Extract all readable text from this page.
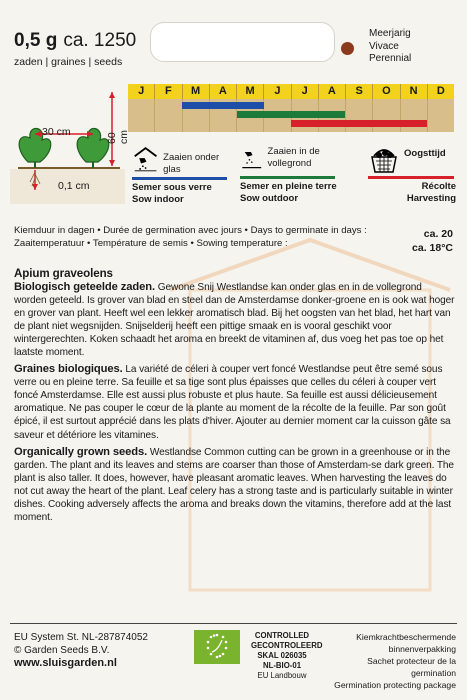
0,5 g ca. 1250
zaden | graines | seeds
Meerjarig
Vivace
Perennial
J	F	M	A	M	J	J	A	S	O	N	D
30 cm
60 cm
0,1 cm
Zaaien onder glas
Semer sous verre
Sow indoor
Zaaien in de vollegrond
Semer en pleine terre
Sow outdoor
Oogsttijd
Récolte
Harvesting
Kiemduur in dagen • Durée de germination avec jours • Days to germinate in days :
Zaaitemperatuur • Température de semis • Sowing temperature :
ca. 20
ca. 18°C
Apium graveolens

Biologisch geteelde zaden. Gewone Snij Westlandse kan onder glas en in de vollegrond worden geteeld. Is grover van blad en steel dan de Amsterdamse donker-groene en is ook wat hoger en grover van plant. Heeft wel een lekker aromatisch blad. Bij het oogsten van het blad, het hart van de plant niet wegsnijden. Snijselderij heeft een pittige smaak en is vooral geschikt voor wintergerechten. Koken schaadt het aroma en breekt de vitaminen af, dus voeg het pas toe op het laatste moment.

Graines biologiques. La variété de céleri à couper vert foncé Westlandse peut être semé sous verre ou en pleine terre. Sa feuille et sa tige sont plus épaisses que celles du céleri à couper vert foncé Amsterdamse. Elle est aussi plus robuste et plus haute. Sa feuille est aussi délicieusement aromatique. Ne pas couper le cœur de la plante au moment de la récolte de la feuille. Par son goût épicé, il est surtout apprécié dans les plats d'hiver. Ajouter au dernier moment car la cuisson gâte sa saveur et détériore les vitamines.

Organically grown seeds. Westlandse Common cutting can be grown in a greenhouse or in the garden. The plant and its leaves and stems are coarser than those of Amsterdam-se dark green. The plant is also taller. It does, however, have pleasant aromatic leaves. When harvesting the leaves do not cut away the heart of the plant. Leaf celery has a strong taste and is particularly suitable in winter dishes. Cooking adversely affects the aroma and breaks down the vitamins, therefore add at the last moment.

EU System St. NL-287874052
© Garden Seeds B.V.
www.sluisgarden.nl
CONTROLLED
GECONTROLEERD
SKAL 026035
NL-BIO-01
EU Landbouw
Kiemkrachtbeschermende
binnenverpakking
Sachet protecteur de la germination
Germination protecting package
